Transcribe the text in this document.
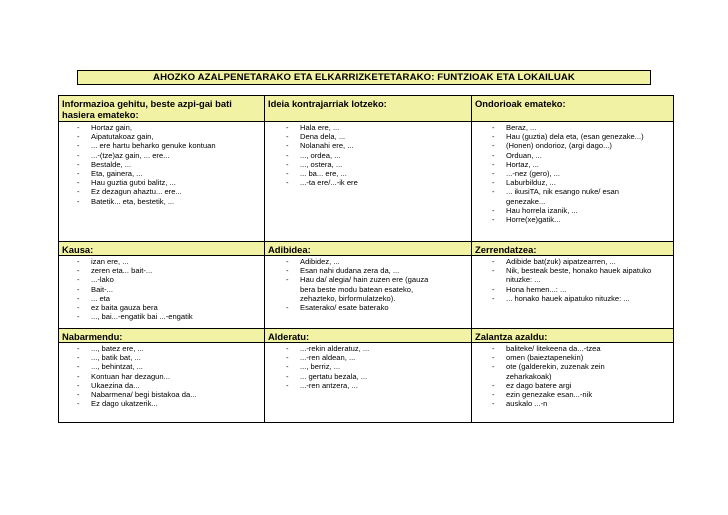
AHOZKO AZALPENETARAKO ETA ELKARRIZKETETARAKO: FUNTZIOAK ETA LOKAILUAK
Informazioa gehitu, beste azpi-gai bati hasiera emateko:
- Hortaz gain,
- Aipatutakoaz gain,
- ... ere hartu beharko genuke kontuan
- ...-(tze)az gain, ... ere...
- Bestalde, ...
- Eta, gainera, ...
- Hau guztia gutxi balitz, ...
- Ez dezagun ahaztu... ere...
- Batetik... eta, bestetik, ...
Ideia kontrajarriak lotzeko:
- Hala ere, ...
- Dena dela, ...
- Nolanahi ere, ...
- ..., ordea, ...
- ..., ostera, ...
- ... ba... ere, ...
- ...-ta ere/...-ik ere
Ondorioak emateko:
- Beraz, ...
- Hau (guztia) dela eta, (esan genezake...)
- (Honen) ondorioz, (argi dago...)
- Orduan, ...
- Hortaz, ...
- ...-nez (gero), ...
- Laburbilduz, ...
- ... ikusiTA, nik esango nuke/ esan
genezake...
- Hau horrela izanik, ...
- Horre(xe)gatik...
Kausa:
- izan ere, ...
- zeren eta... bait-...
- ...-lako
- Bait-...
- ... eta
- ez baita gauza bera
- ..., bai...-engatik bai ...-engatik
Adibidea:
- Adibidez, ...
- Esan nahi dudana zera da, ...
- Hau da/ alegia/ hain zuzen ere (gauza
bera beste modu batean esateko,
zehazteko, birformulatzeko).
- Esaterako/ esate baterako
Zerrendatzea:
- Adibide bat(zuk) aipatzearren, ...
- Nik, besteak beste, honako hauek aipatuko
nituzke: ...
- Hona hemen...: ...
- ... honako hauek aipatuko nituzke: ...
Nabarmendu:
- ..., batez ere, ...
- ..., batik bat, ...
- ..., behintzat, ...
- Kontuan har dezagun...
- Ukaezina da...
- Nabarmena/ begi bistakoa da...
- Ez dago ukatzerik...
Alderatu:
- ...-rekin alderatuz, ...
- ...-ren aldean, ...
- ..., berriz, ...
- ... gertatu bezala, ...
- ...-ren antzera, ...
Zalantza azaldu:
- baliteke/ litekeena da...-tzea
- omen (baieztapenekin)
- ote (galderekin, zuzenak zein
zeharkakoak)
- ez dago batere argi
- ezin genezake esan...-nik
- auskalo ...-n
